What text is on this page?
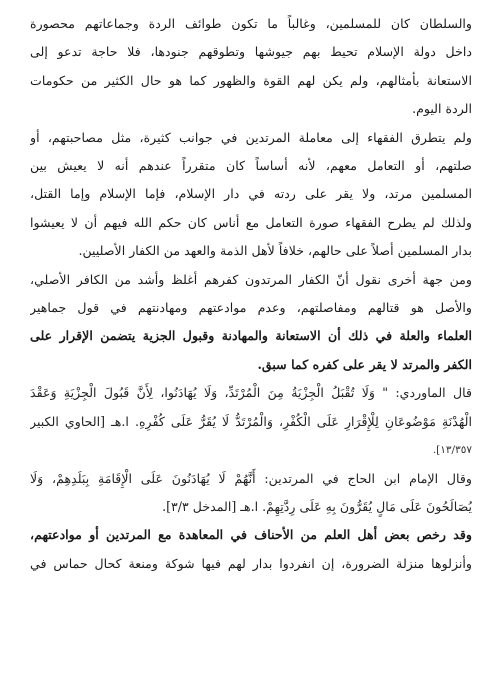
والسلطان كان للمسلمين، وغالباً ما تكون طوائف الردة وجماعاتهم محصورة
داخل دولة الإسلام تحيط بهم جيوشها وتطوقهم جنودها، فلا حاجة تدعو إلى
الاستعانة بأمثالهم، ولم يكن لهم القوة والظهور كما هو حال الكثير من حكومات
الردة اليوم.

ولم يتطرق الفقهاء إلى معاملة المرتدين في جوانب كثيرة، مثل مصاحبتهم، أو
صلتهم، أو التعامل معهم، لأنه أساساً كان متقرراً عندهم أنه لا يعيش بين
المسلمين مرتد، ولا يقر على ردته في دار الإسلام، فإما الإسلام وإما القتل،
ولذلك لم يطرح الفقهاء صورة التعامل مع أناس كان حكم الله فيهم أن لا يعيشوا
بدار المسلمين أصلاً على حالهم، خلافاً لأهل الذمة والعهد من الكفار الأصليين.

ومن جهة أخرى نقول أنّ الكفار المرتدون كفرهم أغلظ وأشد من الكافر الأصلي،
والأصل هو قتالهم ومفاصلتهم، وعدم موادعتهم ومهادنتهم في قول جماهير
العلماء والعلة في ذلك أن الاستعانة والمهادنة وقبول الجزية يتضمن الإقرار على
الكفر والمرتد لا يقر على كفره كما سبق.

قال الماوردي: " وَلَا تُقْبَلُ الْجِزْيَةُ مِنَ الْمُرْتَدِّ، وَلَا يُهَادَنُوا، لِأَنَّ قَبُولَ الْجِزْيَةِ وَعَقْدَ
الْهُدْنَةِ مَوْضُوعَانِ لِلْإِقْرَارِ عَلَى الْكُفْرِ، وَالْمُرْتَدُّ لَا يُقَرُّ عَلَى كُفْرِهِ. ا.هـ [الحاوي الكبير
١٣/٣٥٧].

وقال الإمام ابن الحاج في المرتدين: أَنَّهُمْ لَا يُهَادَنُونَ عَلَى الْإِقَامَةِ بِبَلَدِهِمْ، وَلَا
يُصَالَحُونَ عَلَى مَالٍ يُقَرُّونَ بِهِ عَلَى رِدَّتِهِمْ. ا.هـ [المدخل ٣/٣].

وقد رخص بعض أهل العلم من الأحناف في المعاهدة مع المرتدين أو موادعتهم،
وأنزلوها منزلة الضرورة، إن انفردوا بدار لهم فيها شوكة ومنعة كحال حماس في
